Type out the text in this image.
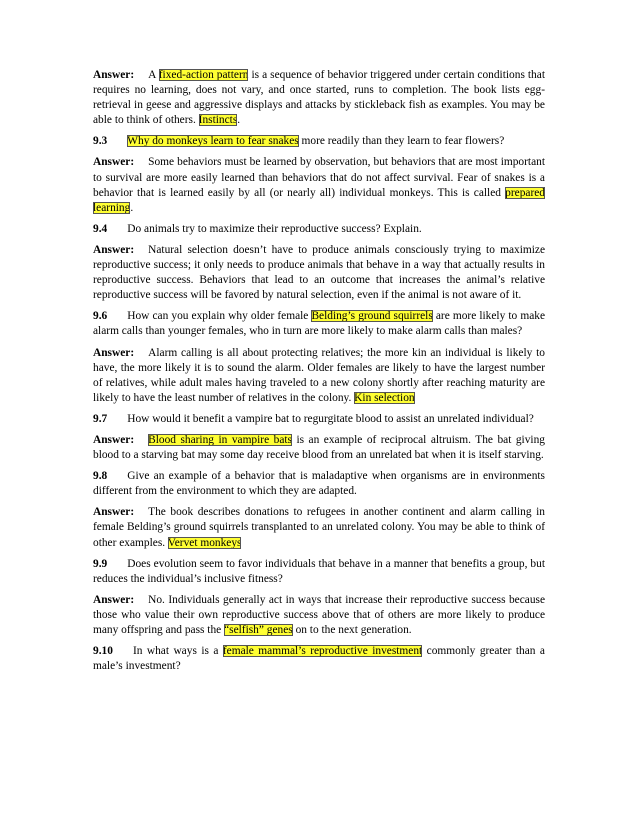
Answer: A fixed-action pattern is a sequence of behavior triggered under certain conditions that requires no learning, does not vary, and once started, runs to completion. The book lists egg-retrieval in geese and aggressive displays and attacks by stickleback fish as examples. You may be able to think of others. Instincts.

9.3 Why do monkeys learn to fear snakes more readily than they learn to fear flowers?

Answer: Some behaviors must be learned by observation, but behaviors that are most important to survival are more easily learned than behaviors that do not affect survival. Fear of snakes is a behavior that is learned easily by all (or nearly all) individual monkeys. This is called prepared learning.

9.4 Do animals try to maximize their reproductive success? Explain.

Answer: Natural selection doesn’t have to produce animals consciously trying to maximize reproductive success; it only needs to produce animals that behave in a way that actually results in reproductive success. Behaviors that lead to an outcome that increases the animal’s relative reproductive success will be favored by natural selection, even if the animal is not aware of it.

9.6 How can you explain why older female Belding’s ground squirrels are more likely to make alarm calls than younger females, who in turn are more likely to make alarm calls than males?

Answer: Alarm calling is all about protecting relatives; the more kin an individual is likely to have, the more likely it is to sound the alarm. Older females are likely to have the largest number of relatives, while adult males having traveled to a new colony shortly after reaching maturity are likely to have the least number of relatives in the colony. Kin selection

9.7 How would it benefit a vampire bat to regurgitate blood to assist an unrelated individual?

Answer: Blood sharing in vampire bats is an example of reciprocal altruism. The bat giving blood to a starving bat may some day receive blood from an unrelated bat when it is itself starving.

9.8 Give an example of a behavior that is maladaptive when organisms are in environments different from the environment to which they are adapted.

Answer: The book describes donations to refugees in another continent and alarm calling in female Belding’s ground squirrels transplanted to an unrelated colony. You may be able to think of other examples. Vervet monkeys

9.9 Does evolution seem to favor individuals that behave in a manner that benefits a group, but reduces the individual’s inclusive fitness?

Answer: No. Individuals generally act in ways that increase their reproductive success because those who value their own reproductive success above that of others are more likely to produce many offspring and pass the “selfish” genes on to the next generation.

9.10 In what ways is a female mammal’s reproductive investment commonly greater than a male’s investment?
